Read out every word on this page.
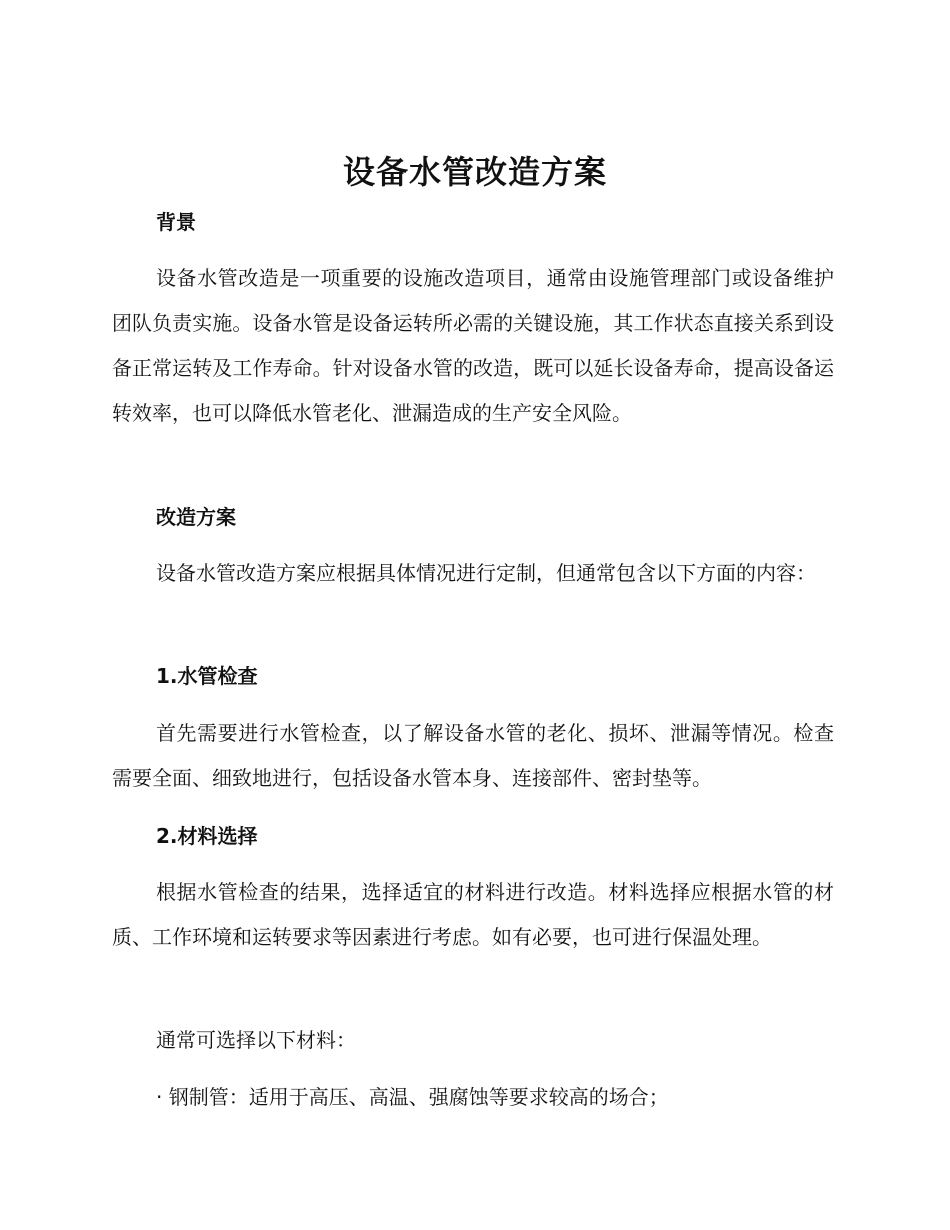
设备水管改造方案
背景

设备水管改造是一项重要的设施改造项目，通常由设施管理部门或设备维护团队负责实施。设备水管是设备运转所必需的关键设施，其工作状态直接关系到设备正常运转及工作寿命。针对设备水管的改造，既可以延长设备寿命，提高设备运转效率，也可以降低水管老化、泄漏造成的生产安全风险。

改造方案

设备水管改造方案应根据具体情况进行定制，但通常包含以下方面的内容：

1.水管检查

首先需要进行水管检查，以了解设备水管的老化、损坏、泄漏等情况。检查需要全面、细致地进行，包括设备水管本身、连接部件、密封垫等。

2.材料选择

根据水管检查的结果，选择适宜的材料进行改造。材料选择应根据水管的材质、工作环境和运转要求等因素进行考虑。如有必要，也可进行保温处理。

通常可选择以下材料：

· 钢制管：适用于高压、高温、强腐蚀等要求较高的场合；
